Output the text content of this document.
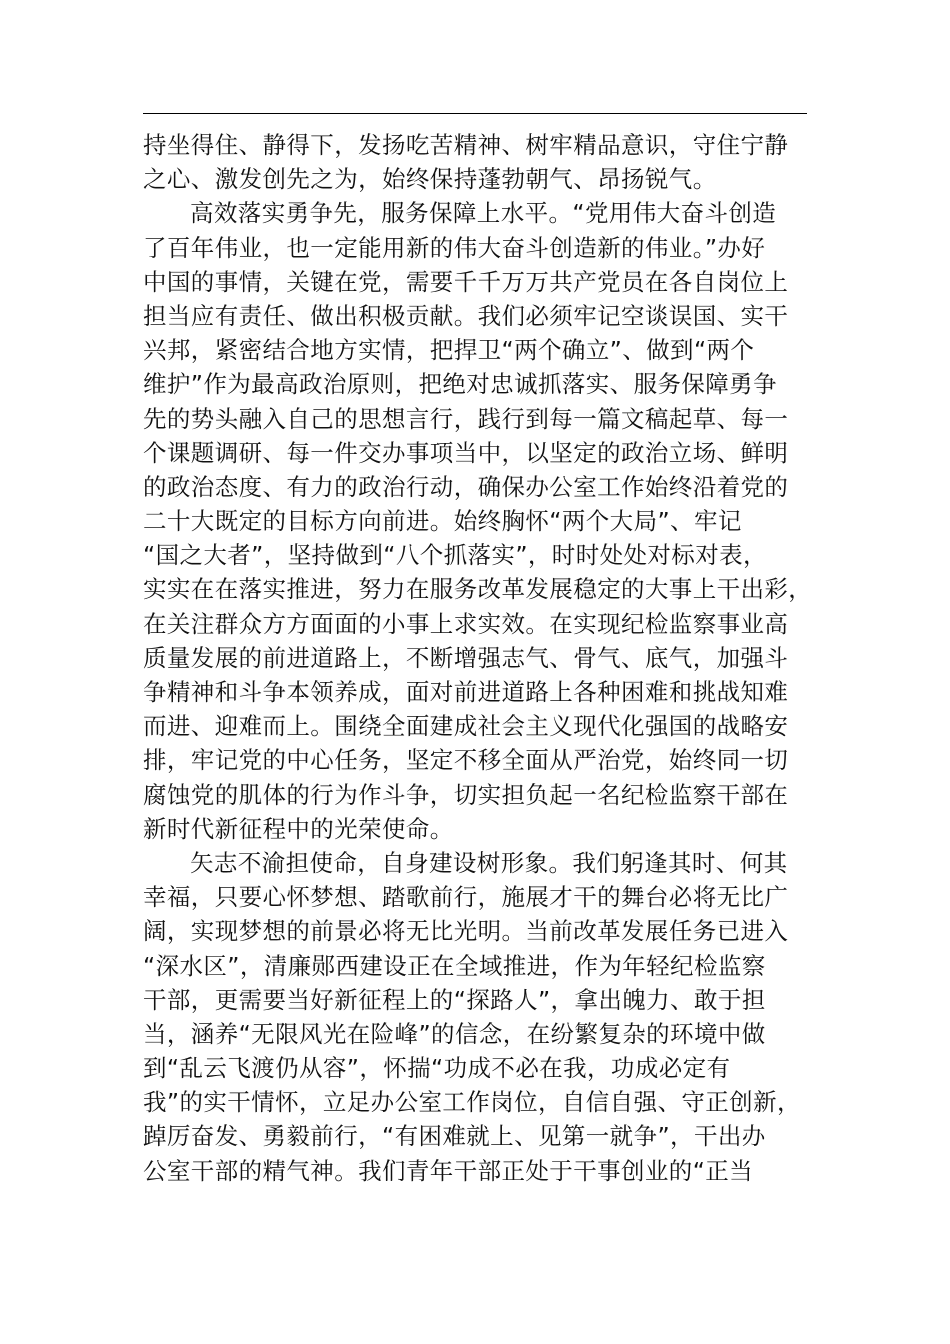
持坐得住、静得下，发扬吃苦精神、树牢精品意识，守住宁静
之心、激发创先之为，始终保持蓬勃朝气、昂扬锐气。
高效落实勇争先，服务保障上水平。“党用伟大奋斗创造
了百年伟业，也一定能用新的伟大奋斗创造新的伟业。”办好
中国的事情，关键在党，需要千千万万共产党员在各自岗位上
担当应有责任、做出积极贡献。我们必须牢记空谈误国、实干
兴邦，紧密结合地方实情，把捍卫“两个确立”、做到“两个
维护”作为最高政治原则，把绝对忠诚抓落实、服务保障勇争
先的势头融入自己的思想言行，践行到每一篇文稿起草、每一
个课题调研、每一件交办事项当中，以坚定的政治立场、鲜明
的政治态度、有力的政治行动，确保办公室工作始终沿着党的
二十大既定的目标方向前进。始终胸怀“两个大局”、牢记
“国之大者”，坚持做到“八个抓落实”，时时处处对标对表，
实实在在落实推进，努力在服务改革发展稳定的大事上干出彩，
在关注群众方方面面的小事上求实效。在实现纪检监察事业高
质量发展的前进道路上，不断增强志气、骨气、底气，加强斗
争精神和斗争本领养成，面对前进道路上各种困难和挑战知难
而进、迎难而上。围绕全面建成社会主义现代化强国的战略安
排，牢记党的中心任务，坚定不移全面从严治党，始终同一切
腐蚀党的肌体的行为作斗争，切实担负起一名纪检监察干部在
新时代新征程中的光荣使命。
矢志不渝担使命，自身建设树形象。我们躬逢其时、何其
幸福，只要心怀梦想、踏歌前行，施展才干的舞台必将无比广
阔，实现梦想的前景必将无比光明。当前改革发展任务已进入
“深水区”，清廉郧西建设正在全域推进，作为年轻纪检监察
干部，更需要当好新征程上的“探路人”，拿出魄力、敢于担
当，涵养“无限风光在险峰”的信念，在纷繁复杂的环境中做
到“乱云飞渡仍从容”，怀揣“功成不必在我，功成必定有
我”的实干情怀，立足办公室工作岗位，自信自强、守正创新，
踔厉奋发、勇毅前行，“有困难就上、见第一就争”，干出办
公室干部的精气神。我们青年干部正处于干事创业的“正当
